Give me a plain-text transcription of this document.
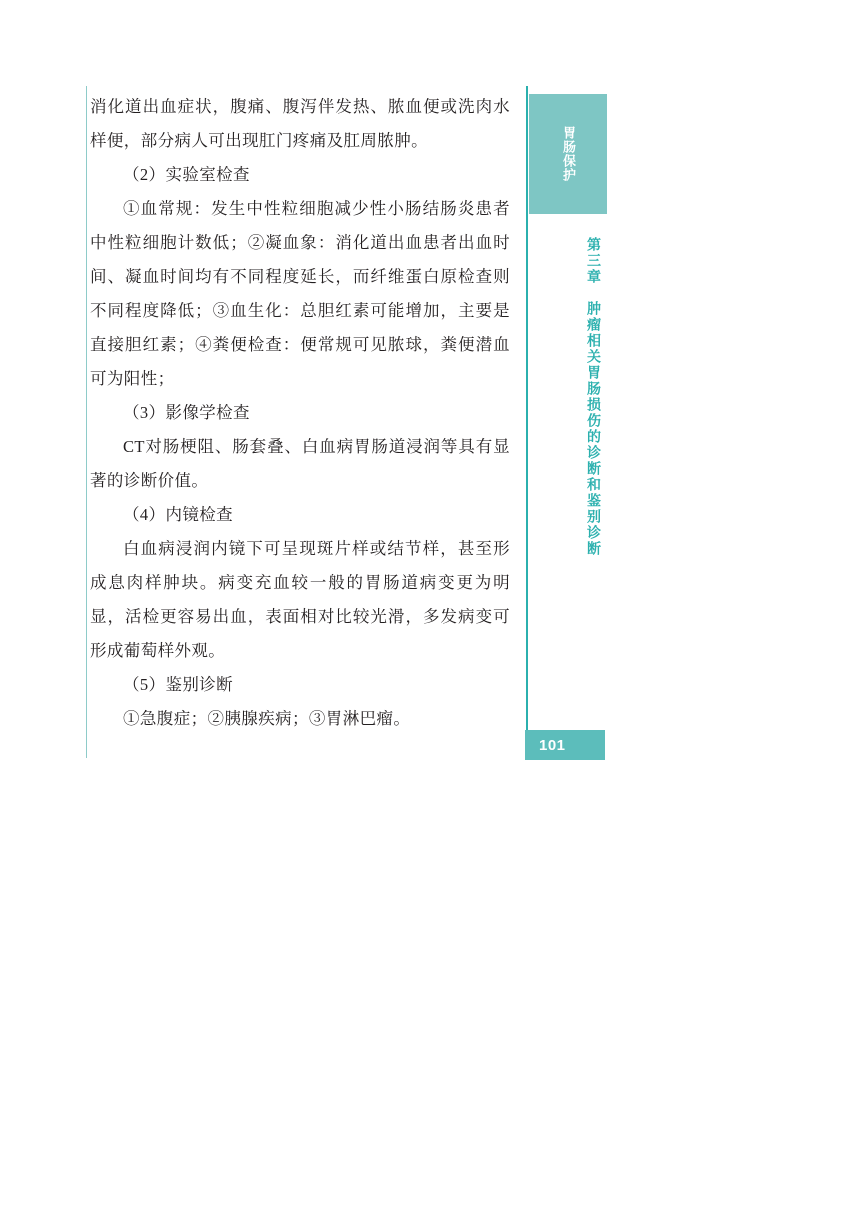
消化道出血症状，腹痛、腹泻伴发热、脓血便或洗肉水样便，部分病人可出现肛门疼痛及肛周脓肿。

（2）实验室检查

①血常规：发生中性粒细胞减少性小肠结肠炎患者中性粒细胞计数低；②凝血象：消化道出血患者出血时间、凝血时间均有不同程度延长，而纤维蛋白原检查则不同程度降低；③血生化：总胆红素可能增加，主要是直接胆红素；④粪便检查：便常规可见脓球，粪便潜血可为阳性；

（3）影像学检查

CT对肠梗阻、肠套叠、白血病胃肠道浸润等具有显著的诊断价值。

（4）内镜检查

白血病浸润内镜下可呈现斑片样或结节样，甚至形成息肉样肿块。病变充血较一般的胃肠道病变更为明显，活检更容易出血，表面相对比较光滑，多发病变可形成葡萄样外观。

（5）鉴别诊断

①急腹症；②胰腺疾病；③胃淋巴瘤。

胃肠保护
第三章　肿瘤相关胃肠损伤的诊断和鉴别诊断
101
